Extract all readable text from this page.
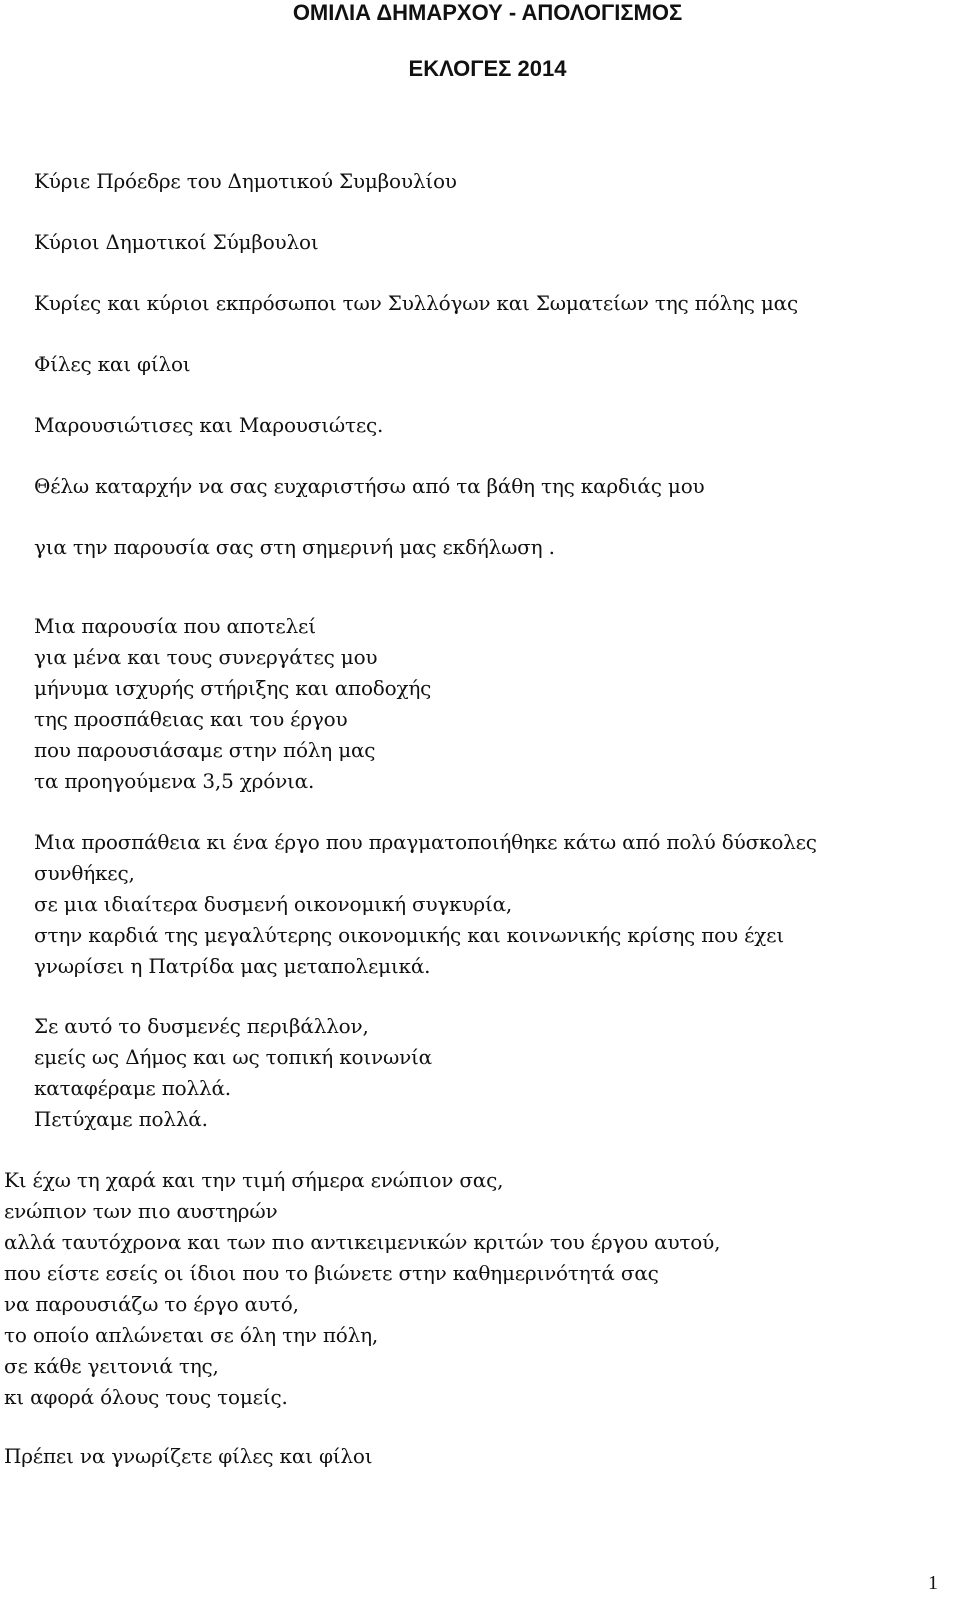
ΟΜΙΛΙΑ ΔΗΜΑΡΧΟΥ - ΑΠΟΛΟΓΙΣΜΟΣ
ΕΚΛΟΓΕΣ 2014

Κύριε Πρόεδρε του Δημοτικού Συμβουλίου

Κύριοι Δημοτικοί Σύμβουλοι

Κυρίες και κύριοι εκπρόσωποι των Συλλόγων και Σωματείων της πόλης μας

Φίλες και φίλοι

Μαρουσιώτισες και Μαρουσιώτες.

Θέλω καταρχήν να σας ευχαριστήσω από τα βάθη της καρδιάς μου

για την παρουσία σας στη σημερινή μας εκδήλωση .

Μια παρουσία που αποτελεί

για μένα και τους συνεργάτες μου

μήνυμα ισχυρής στήριξης και αποδοχής

της προσπάθειας και του έργου

που παρουσιάσαμε στην πόλη μας

τα προηγούμενα 3,5 χρόνια.

Μια προσπάθεια κι ένα έργο που πραγματοποιήθηκε κάτω από πολύ δύσκολες

συνθήκες,

σε μια ιδιαίτερα δυσμενή οικονομική συγκυρία,

στην καρδιά της μεγαλύτερης οικονομικής και κοινωνικής κρίσης που έχει

γνωρίσει η Πατρίδα μας μεταπολεμικά.

Σε αυτό το δυσμενές περιβάλλον,

εμείς ως Δήμος και ως τοπική κοινωνία

καταφέραμε πολλά.

Πετύχαμε πολλά.

Κι έχω τη χαρά και την τιμή σήμερα ενώπιον σας,

ενώπιον των πιο αυστηρών

αλλά ταυτόχρονα και των πιο αντικειμενικών κριτών του έργου αυτού,

που είστε εσείς οι ίδιοι που το βιώνετε στην καθημερινότητά σας

να παρουσιάζω το έργο αυτό,

το οποίο απλώνεται σε όλη την πόλη,

σε κάθε γειτονιά της,

κι αφορά όλους τους τομείς.

Πρέπει να γνωρίζετε φίλες και φίλοι

1
